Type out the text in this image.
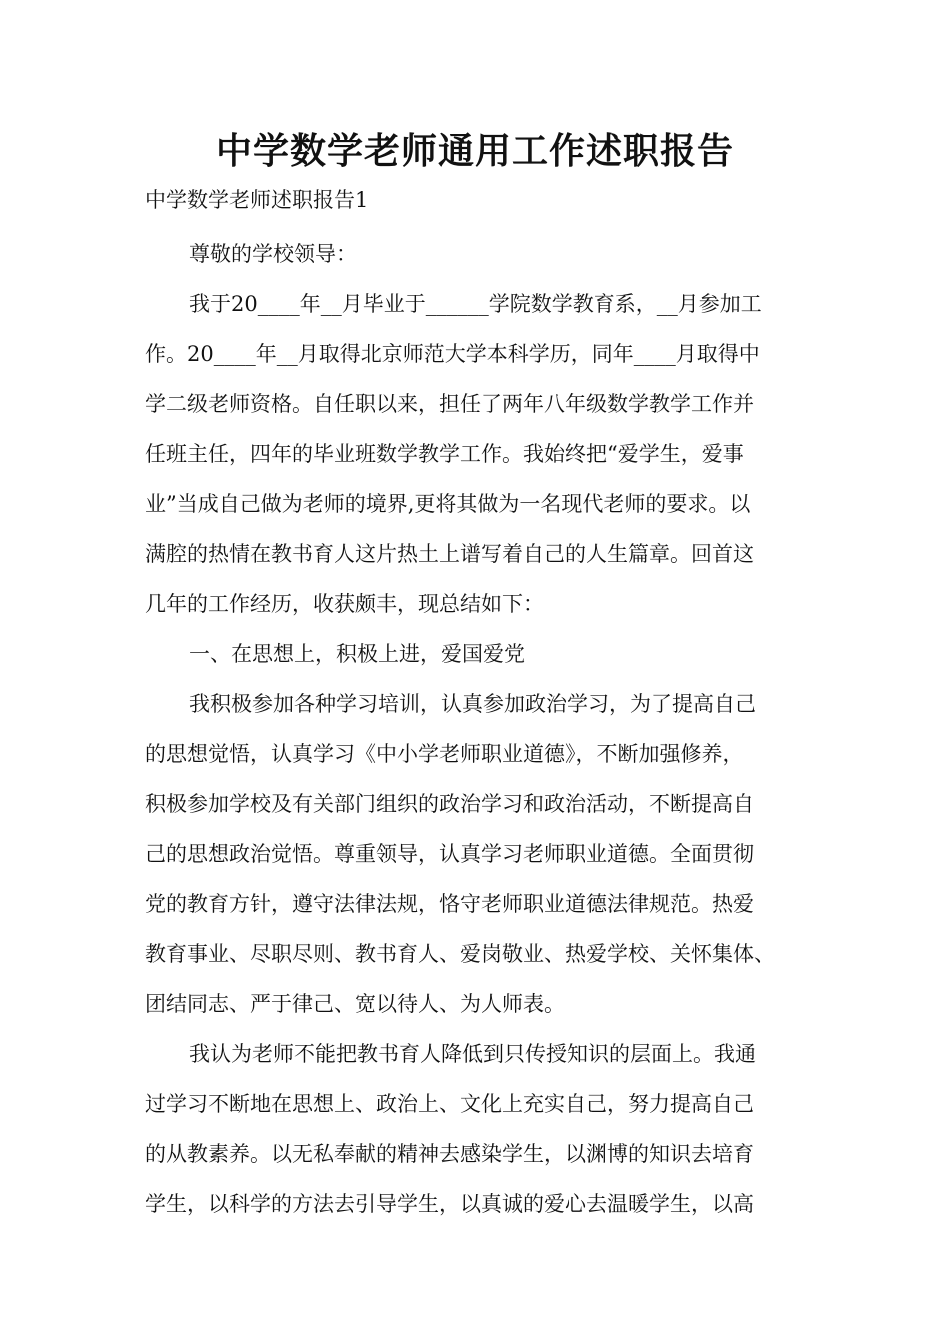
中学数学老师通用工作述职报告

中学数学老师述职报告1

尊敬的学校领导：

我于20____年__月毕业于______学院数学教育系，__月参加工

作。20____年__月取得北京师范大学本科学历，同年____月取得中

学二级老师资格。自任职以来，担任了两年八年级数学教学工作并

任班主任，四年的毕业班数学教学工作。我始终把“爱学生，爱事

业”当成自己做为老师的境界,更将其做为一名现代老师的要求。以

满腔的热情在教书育人这片热土上谱写着自己的人生篇章。回首这

几年的工作经历，收获颇丰，现总结如下：

一、在思想上，积极上进，爱国爱党

我积极参加各种学习培训，认真参加政治学习，为了提高自己

的思想觉悟，认真学习《中小学老师职业道德》，不断加强修养，

积极参加学校及有关部门组织的政治学习和政治活动，不断提高自

己的思想政治觉悟。尊重领导，认真学习老师职业道德。全面贯彻

党的教育方针，遵守法律法规，恪守老师职业道德法律规范。热爱

教育事业、尽职尽则、教书育人、爱岗敬业、热爱学校、关怀集体、

团结同志、严于律己、宽以待人、为人师表。

我认为老师不能把教书育人降低到只传授知识的层面上。我通

过学习不断地在思想上、政治上、文化上充实自己，努力提高自己

的从教素养。以无私奉献的精神去感染学生，以渊博的知识去培育

学生，以科学的方法去引导学生，以真诚的爱心去温暖学生，以高
